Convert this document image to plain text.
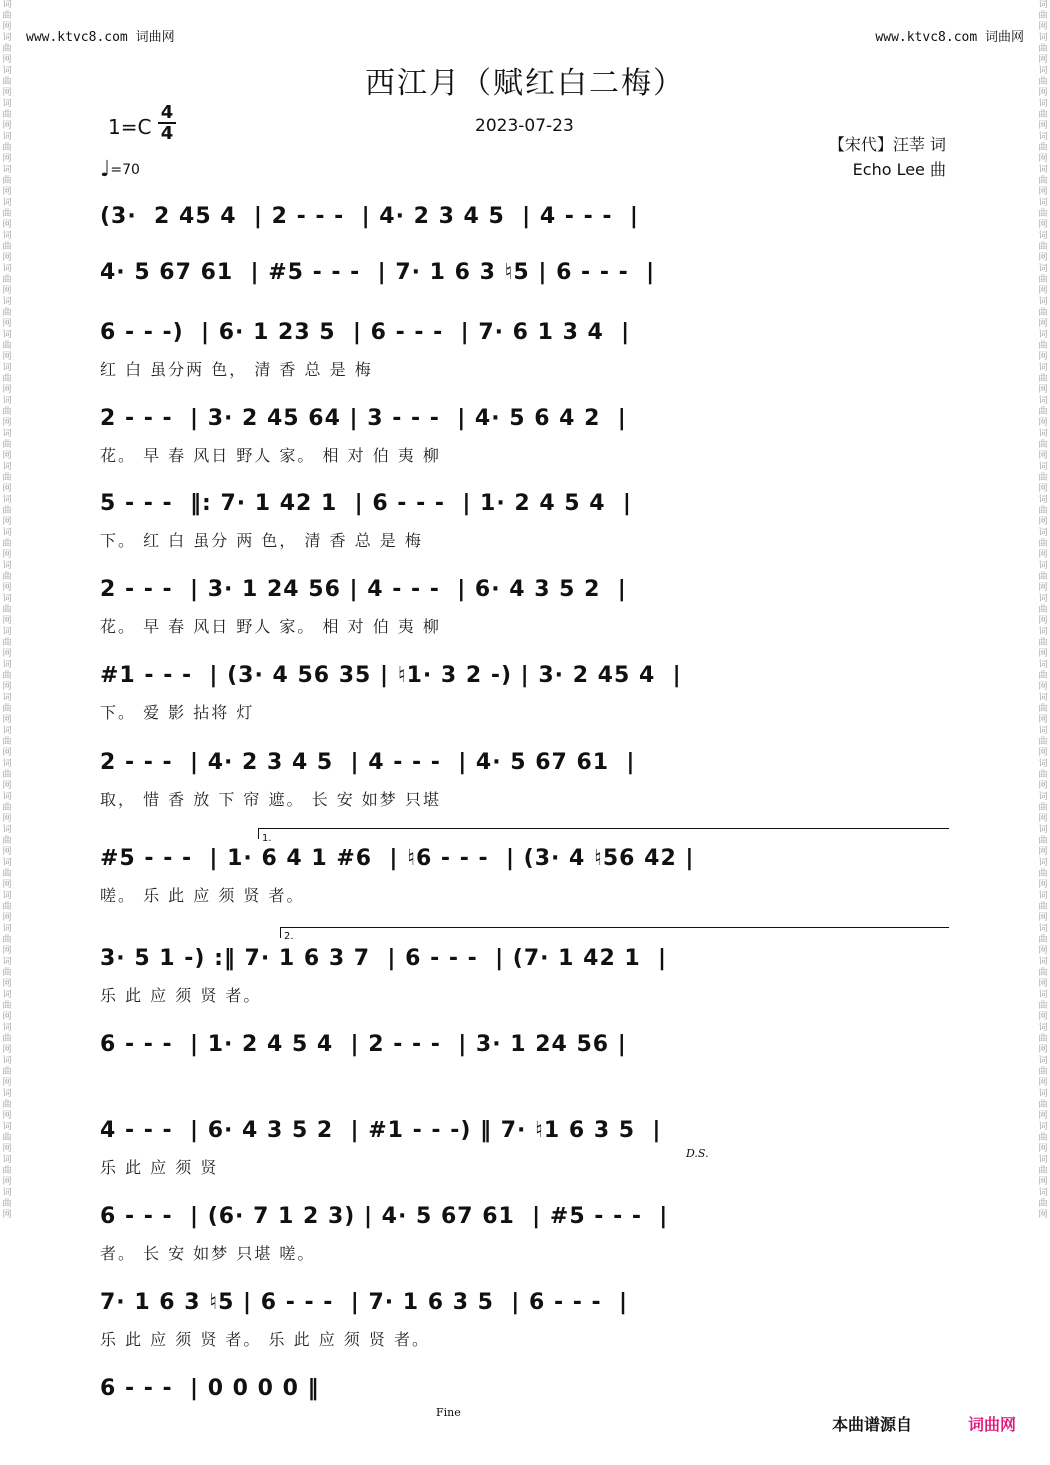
词曲网词曲网词曲网词曲网词曲网词曲网词曲网词曲网词曲网词曲网词曲网词曲网词曲网词曲网词曲网词曲网词曲网词曲网词曲网词曲网词曲网词曲网词曲网词曲网词曲网词曲网词曲网词曲网词曲网词曲网词曲网词曲网词曲网词曲网词曲网词曲网词曲网
词曲网词曲网词曲网词曲网词曲网词曲网词曲网词曲网词曲网词曲网词曲网词曲网词曲网词曲网词曲网词曲网词曲网词曲网词曲网词曲网词曲网词曲网词曲网词曲网词曲网词曲网词曲网词曲网词曲网词曲网词曲网词曲网词曲网词曲网词曲网词曲网词曲网
www.ktvc8.com 词曲网	www.ktvc8.com 词曲网
西江月（赋红白二梅）
1=C
4
4	2023-07-23
♩=70
【宋代】汪莘 词
Echo Lee 曲
(3·  2 45 4  | 2 - - -  | 4· 2 3 4 5  | 4 - - -  |
4· 5 67 61  | #5 - - -  | 7· 1 6 3 ♮5 | 6 - - -  |
6 - - -)  | 6· 1 23 5  | 6 - - -  | 7· 6 1 3 4  |
红 白 虽分两 色， 清 香 总 是 梅
2 - - -  | 3· 2 45 64 | 3 - - -  | 4· 5 6 4 2  |
花。 早 春 风日 野人 家。 相 对 伯 夷 柳
5 - - -  ‖: 7· 1 42 1  | 6 - - -  | 1· 2 4 5 4  |
下。 红 白 虽分 两 色， 清 香 总 是 梅
2 - - -  | 3· 1 24 56 | 4 - - -  | 6· 4 3 5 2  |
花。 早 春 风日 野人 家。 相 对 伯 夷 柳
#1 - - -  | (3· 4 56 35 | ♮1· 3 2 -) | 3· 2 45 4  |
下。 爱 影 拈将 灯
2 - - -  | 4· 2 3 4 5  | 4 - - -  | 4· 5 67 61  |
取， 惜 香 放 下 帘 遮。 长 安 如梦 只堪
#5 - - -  | 1· 6 4 1 #6  | ♮6 - - -  | (3· 4 ♮56 42 |
嗟。 乐 此 应 须 贤 者。
3· 5 1 -) :‖ 7· 1 6 3 7  | 6 - - -  | (7· 1 42 1  |
乐 此 应 须 贤 者。
6 - - -  | 1· 2 4 5 4  | 2 - - -  | 3· 1 24 56 |
4 - - -  | 6· 4 3 5 2  | #1 - - -) ‖ 7· ♮1 6 3 5  |
乐 此 应 须 贤
6 - - -  | (6· 7 1 2 3) | 4· 5 67 61  | #5 - - -  |
者。 长 安 如梦 只堪 嗟。
7· 1 6 3 ♮5 | 6 - - -  | 7· 1 6 3 5  | 6 - - -  |
乐 此 应 须 贤 者。 乐 此 应 须 贤 者。
6 - - -  | 0 0 0 0 ‖
D.S.
Fine
1.
2.
本曲谱源自	词曲网
